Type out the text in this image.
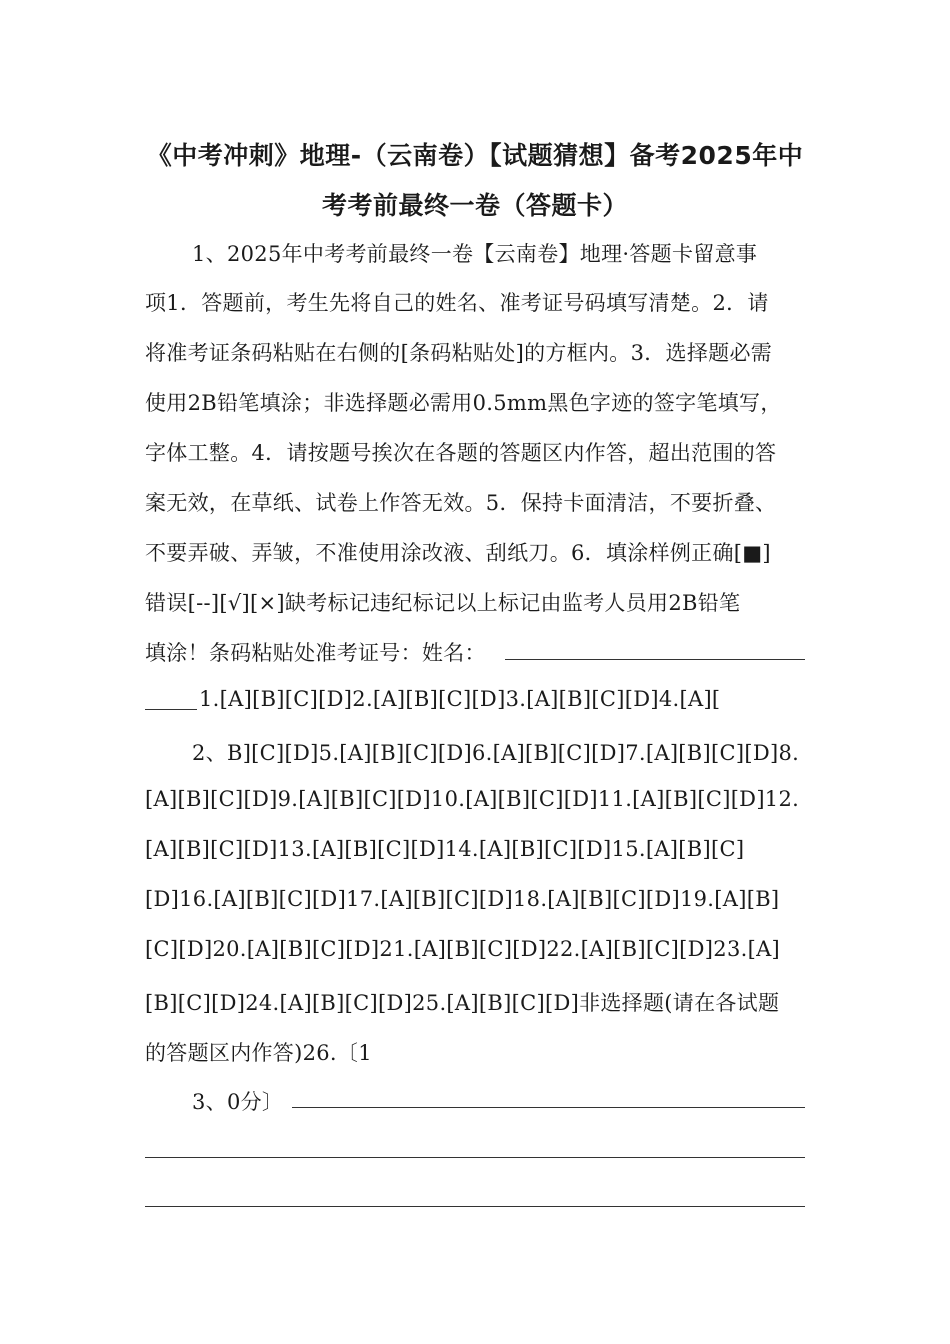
《中考冲刺》地理-（云南卷）【试题猜想】备考2025年中
考考前最终一卷（答题卡）
1、2025年中考考前最终一卷【云南卷】地理·答题卡留意事
项1．答题前，考生先将自己的姓名、准考证号码填写清楚。2．请
将准考证条码粘贴在右侧的[条码粘贴处]的方框内。3．选择题必需
使用2B铅笔填涂；非选择题必需用0.5mm黑色字迹的签字笔填写，
字体工整。4．请按题号挨次在各题的答题区内作答，超出范围的答
案无效，在草纸、试卷上作答无效。5．保持卡面清洁，不要折叠、
不要弄破、弄皱，不准使用涂改液、刮纸刀。6．填涂样例正确[■]
错误[--][√][×]缺考标记违纪标记以上标记由监考人员用2B铅笔
填涂！条码粘贴处准考证号：姓名：
1.[A][B][C][D]2.[A][B][C][D]3.[A][B][C][D]4.[A][
2、B][C][D]5.[A][B][C][D]6.[A][B][C][D]7.[A][B][C][D]8.
[A][B][C][D]9.[A][B][C][D]10.[A][B][C][D]11.[A][B][C][D]12.
[A][B][C][D]13.[A][B][C][D]14.[A][B][C][D]15.[A][B][C]
[D]16.[A][B][C][D]17.[A][B][C][D]18.[A][B][C][D]19.[A][B]
[C][D]20.[A][B][C][D]21.[A][B][C][D]22.[A][B][C][D]23.[A]
[B][C][D]24.[A][B][C][D]25.[A][B][C][D]非选择题(请在各试题
的答题区内作答)26.〔1
3、0分〕
